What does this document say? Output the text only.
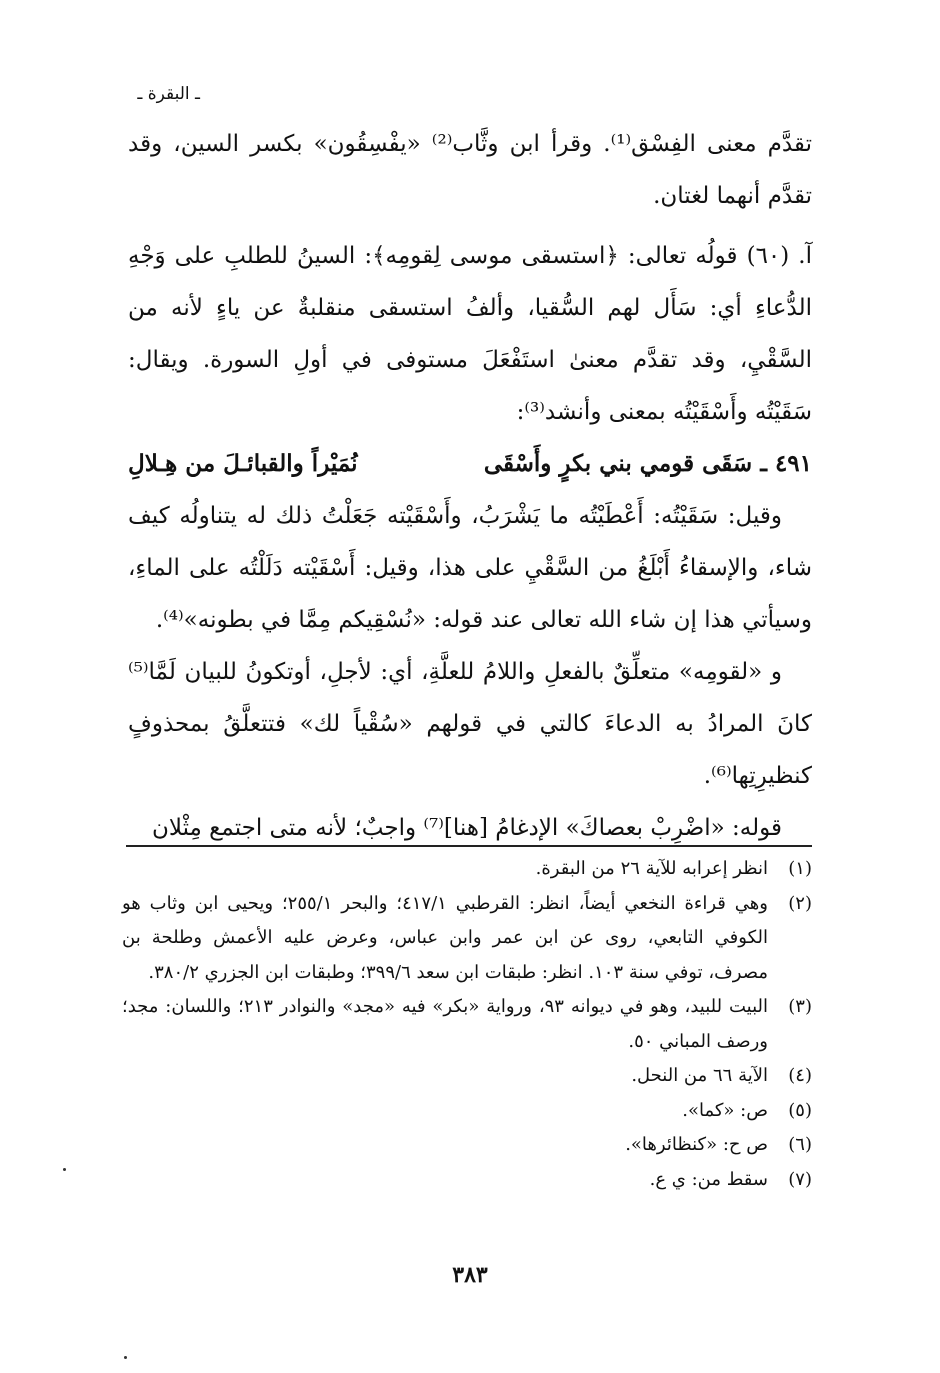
ـ البقرة ـ

تقدَّم معنى الفِسْق⁽¹⁾. وقرأ ابن وثَّاب⁽²⁾ «يفْسِقُون» بكسر السين، وقد تقدَّم أنهما لغتان.

آ. (٦٠) قولُه تعالى: ﴿استسقى موسى لِقومِه﴾: السينُ للطلبِ على وَجْهِ الدُّعاءِ أي: سَأَل لهم السُّقيا، وألفُ استسقى منقلبةٌ عن ياءٍ لأنه من السَّقْيِ، وقد تقدَّم معنىٰ استَفْعَلَ مستوفى في أولِ السورة. ويقال: سَقَيْتُه وأَسْقَيْتُه بمعنى وأنشد⁽³⁾:

٤٩١ ـ سَقَى قومي بني بكرٍ وأَسْقَى
نُمَيْراً والقبائـلَ من هِـلالِ

وقيل: سَقَيْتُه: أَعْطَيْتُه ما يَشْرَبُ، وأَسْقَيْته جَعَلْتُ ذلك له يتناولُه كيف شاء، والإسقاءُ أَبْلَغُ من السَّقْيِ على هذا، وقيل: أَسْقَيْته دَلَلْتُه على الماءِ، وسيأتي هذا إن شاء الله تعالى عند قوله: «نُسْقِيكم مِمَّا في بطونه»⁽⁴⁾.

و «لقومِه» متعلِّقٌ بالفعلِ واللامُ للعلَّةِ، أي: لأجلِ، أوتكونُ للبيان لَمَّا⁽⁵⁾ كانَ المرادُ به الدعاءَ كالتي في قولهم «سُقْياً لك» فتتعلَّقُ بمحذوفٍ كنظيرِتِها⁽⁶⁾.

قوله: «اضْرِبْ بعصاكَ» الإدغامُ [هنا]⁽⁷⁾ واجبٌ؛ لأنه متى اجتمع مِثْلان

(١)
انظر إعرابه للآية ٢٦ من البقرة.
(٢)
وهي قراءة النخعي أيضاً، انظر: القرطبي ٤١٧/١؛ والبحر ٢٥٥/١؛ ويحيى ابن وثاب هو الكوفي التابعي، روى عن ابن عمر وابن عباس، وعرض عليه الأعمش وطلحة بن مصرف، توفي سنة ١٠٣. انظر: طبقات ابن سعد ٣٩٩/٦؛ وطبقات ابن الجزري ٣٨٠/٢.
(٣)
البيت للبيد، وهو في ديوانه ٩٣، ورواية «بكر» فيه «مجد» والنوادر ٢١٣؛ واللسان: مجد؛ ورصف المباني ٥٠.
(٤)
الآية ٦٦ من النحل.
(٥)
ص: «كما».
(٦)
ص ح: «كنظائرها».
(٧)
سقط من: ي ع.
٣٨٣
